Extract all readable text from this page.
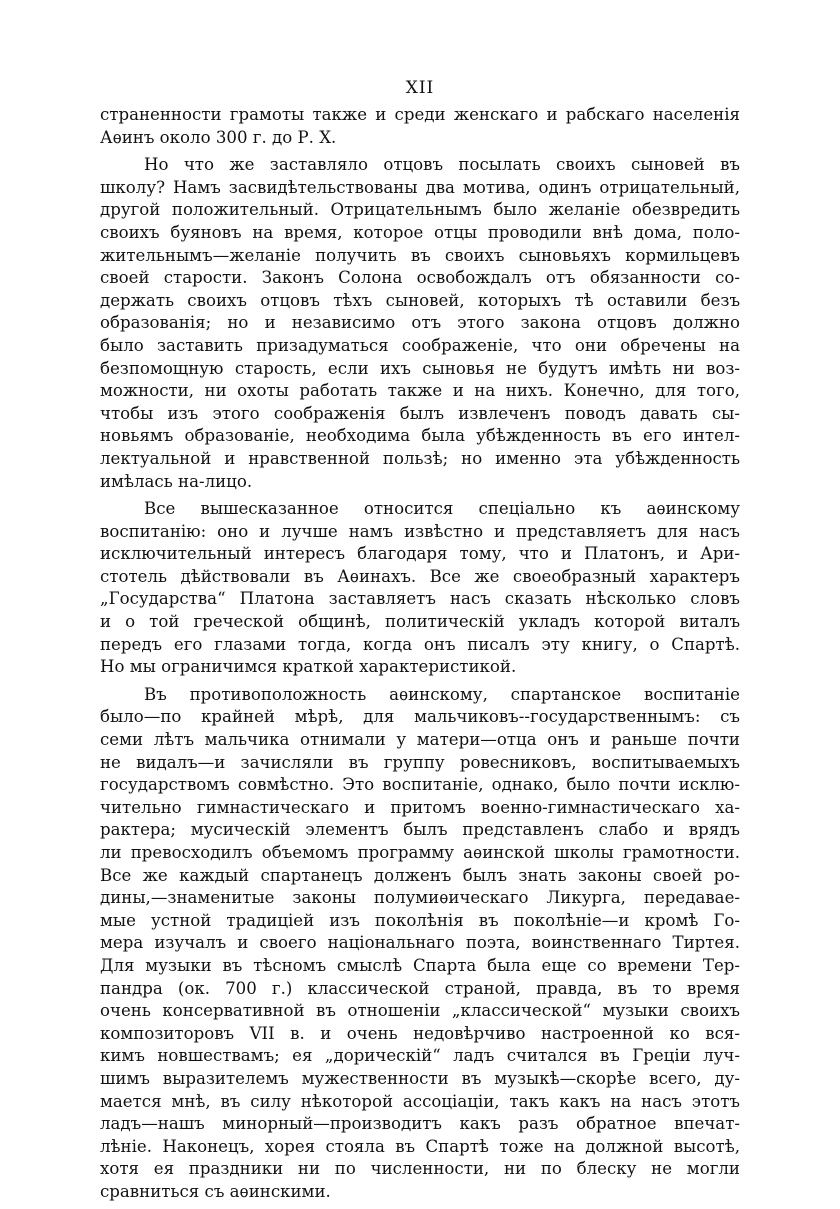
XII
страненности грамоты также и среди женскаго и рабскаго населенія
Аѳинъ около 300 г. до Р. Х.
Но что же заставляло отцовъ посылать своихъ сыновей въ
школу? Намъ засвидѣтельствованы два мотива, одинъ отрицательный,
другой положительный. Отрицательнымъ было желаніе обезвредить
своихъ буяновъ на время, которое отцы проводили внѣ дома, поло-
жительнымъ—желаніе получить въ своихъ сыновьяхъ кормильцевъ
своей старости. Законъ Солона освобождалъ отъ обязанности со-
держать своихъ отцовъ тѣхъ сыновей, которыхъ тѣ оставили безъ
образованія; но и независимо отъ этого закона отцовъ должно
было заставить призадуматься соображеніе, что они обречены на
безпомощную старость, если ихъ сыновья не будутъ имѣть ни воз-
можности, ни охоты работать также и на нихъ. Конечно, для того,
чтобы изъ этого соображенія былъ извлеченъ поводъ давать сы-
новьямъ образованіе, необходима была убѣжденность въ его интел-
лектуальной и нравственной пользѣ; но именно эта убѣжденность
имѣлась на-лицо.
Все вышесказанное относится спеціально къ аѳинскому
воспитанію: оно и лучше намъ извѣстно и представляетъ для насъ
исключительный интересъ благодаря тому, что и Платонъ, и Ари-
стотель дѣйствовали въ Аѳинахъ. Все же своеобразный характеръ
„Государства“ Платона заставляетъ насъ сказать нѣсколько словъ
и о той греческой общинѣ, политическій укладъ которой виталъ
передъ его глазами тогда, когда онъ писалъ эту книгу, о Спартѣ.
Но мы ограничимся краткой характеристикой.
Въ противоположность аѳинскому, спартанское воспитаніе
было—по крайней мѣрѣ, для мальчиковъ--государственнымъ: съ
семи лѣтъ мальчика отнимали у матери—отца онъ и раньше почти
не видалъ—и зачисляли въ группу ровесниковъ, воспитываемыхъ
государствомъ совмѣстно. Это воспитаніе, однако, было почти исклю-
чительно гимнастическаго и притомъ военно-гимнастическаго ха-
рактера; мусическій элементъ былъ представленъ слабо и врядъ
ли превосходилъ объемомъ программу аѳинской школы грамотности.
Все же каждый спартанецъ долженъ былъ знать законы своей ро-
дины,—знаменитые законы полумиѳическаго Ликурга, передавае-
мые устной традиціей изъ поколѣнія въ поколѣніе—и кромѣ Го-
мера изучалъ и своего національнаго поэта, воинственнаго Тиртея.
Для музыки въ тѣсномъ смыслѣ Спарта была еще со времени Тер-
пандра (ок. 700 г.) классической страной, правда, въ то время
очень консервативной въ отношеніи „классической“ музыки своихъ
композиторовъ VII в. и очень недовѣрчиво настроенной ко вся-
кимъ новшествамъ; ея „дорическій“ ладъ считался въ Греціи луч-
шимъ выразителемъ мужественности въ музыкѣ—скорѣе всего, ду-
мается мнѣ, въ силу нѣкоторой ассоціаціи, такъ какъ на насъ этотъ
ладъ—нашъ минорный—производитъ какъ разъ обратное впечат-
лѣніе. Наконецъ, хорея стояла въ Спартѣ тоже на должной высотѣ,
хотя ея праздники ни по численности, ни по блеску не могли
сравниться съ аѳинскими.
